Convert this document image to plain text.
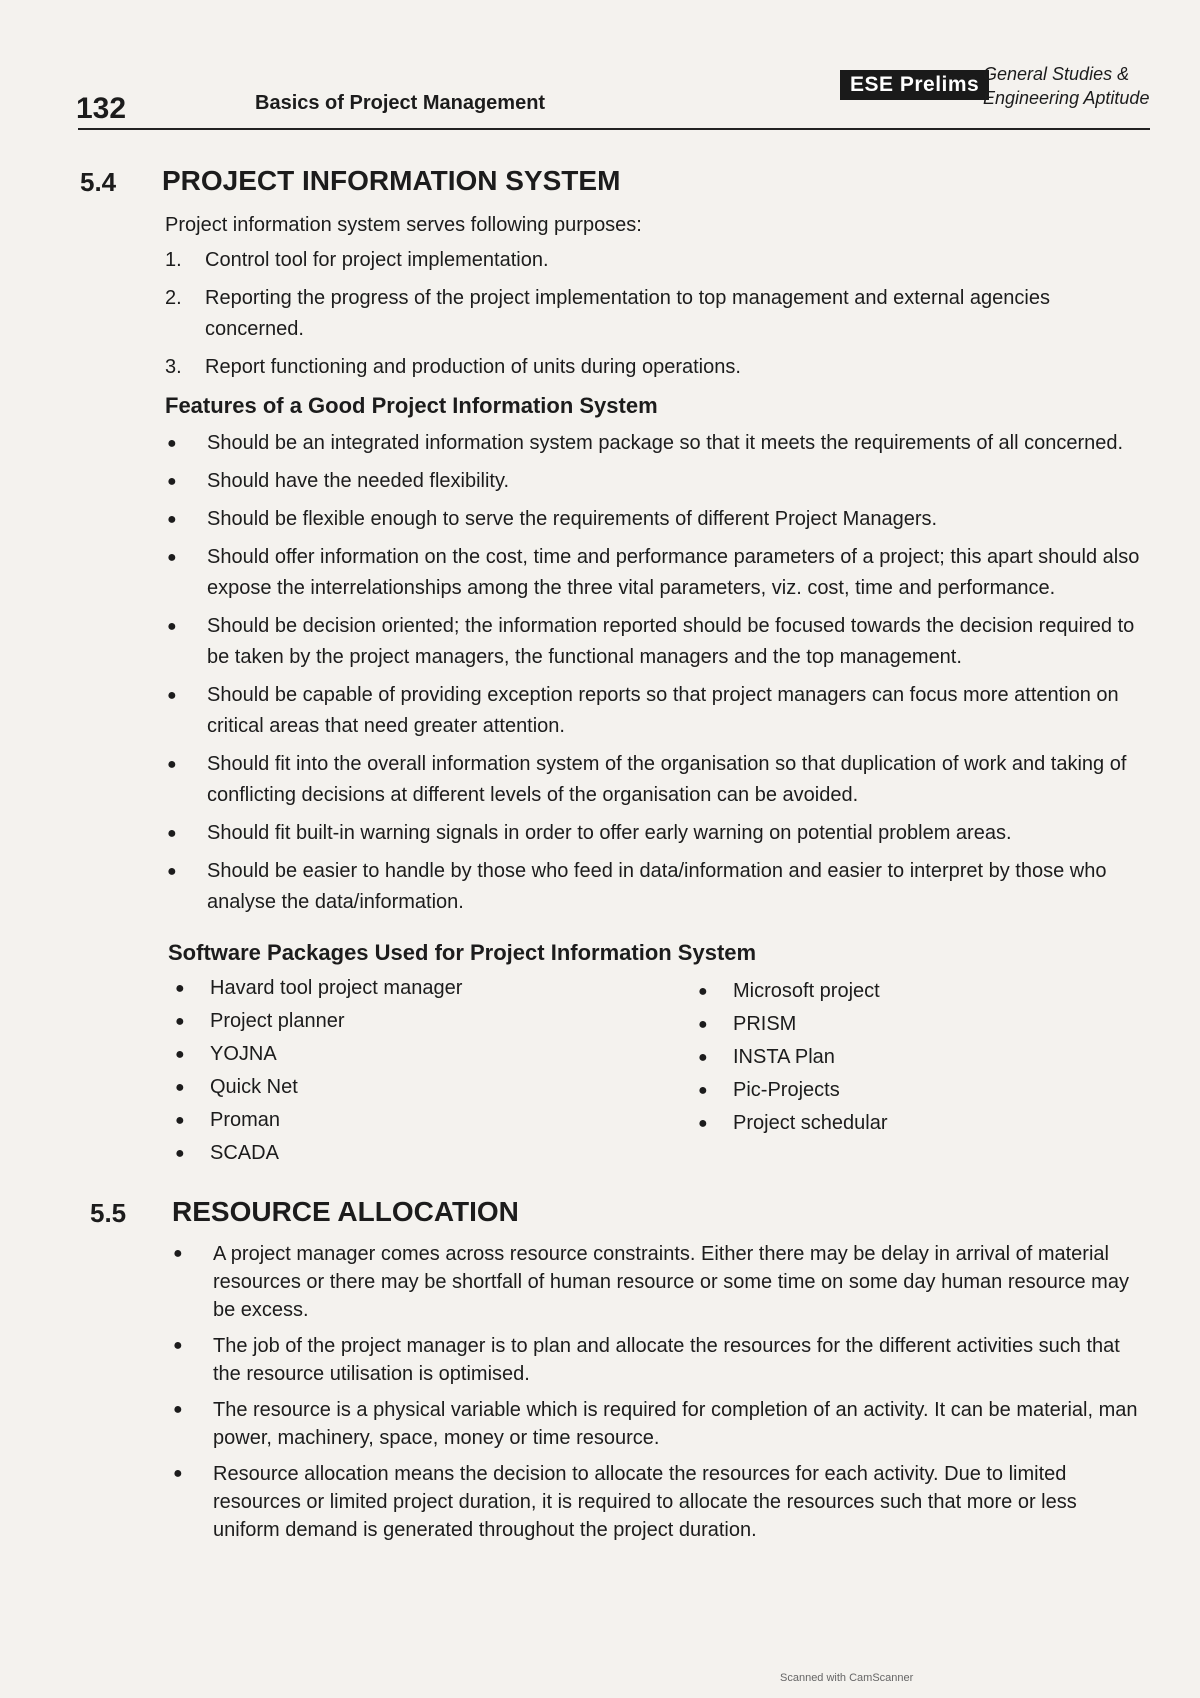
132	Basics of Project Management
ESE Prelims General Studies &
Engineering Aptitude
5.4 PROJECT INFORMATION SYSTEM
Project information system serves following purposes:
1.	Control tool for project implementation.
2.	Reporting the progress of the project implementation to top management and external agencies concerned.
3.	Report functioning and production of units during operations.
Features of a Good Project Information System
●	Should be an integrated information system package so that it meets the requirements of all concerned.
●	Should have the needed flexibility.
●	Should be flexible enough to serve the requirements of different Project Managers.
●	Should offer information on the cost, time and performance parameters of a project; this apart should also expose the interrelationships among the three vital parameters, viz. cost, time and performance.
●	Should be decision oriented; the information reported should be focused towards the decision required to be taken by the project managers, the functional managers and the top management.
●	Should be capable of providing exception reports so that project managers can focus more attention on critical areas that need greater attention.
●	Should fit into the overall information system of the organisation so that duplication of work and taking of conflicting decisions at different levels of the organisation can be avoided.
●	Should fit built-in warning signals in order to offer early warning on potential problem areas.
●	Should be easier to handle by those who feed in data/information and easier to interpret by those who analyse the data/information.
Software Packages Used for Project Information System
● Havard tool project manager
● Project planner
● YOJNA
● Quick Net
● Proman
● SCADA
● Microsoft project
● PRISM
● INSTA Plan
● Pic-Projects
● Project schedular
5.5 RESOURCE ALLOCATION
●	A project manager comes across resource constraints. Either there may be delay in arrival of material resources or there may be shortfall of human resource or some time on some day human resource may be excess.
●	The job of the project manager is to plan and allocate the resources for the different activities such that the resource utilisation is optimised.
●	The resource is a physical variable which is required for completion of an activity. It can be material, man power, machinery, space, money or time resource.
●	Resource allocation means the decision to allocate the resources for each activity. Due to limited resources or limited project duration, it is required to allocate the resources such that more or less uniform demand is generated throughout the project duration.
Scanned with CamScanner
